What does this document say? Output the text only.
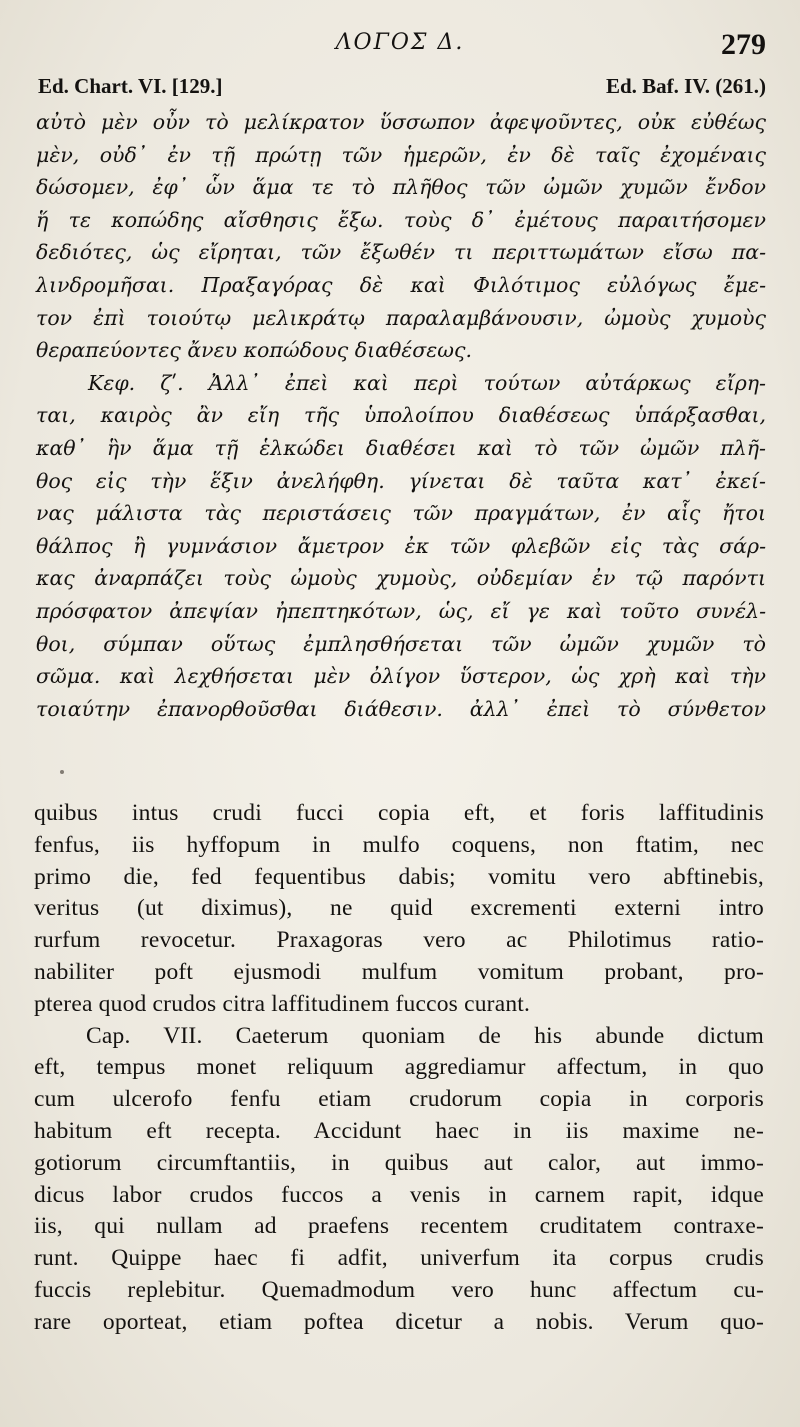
ΛΟΓΟΣ Δ.	279
Ed. Chart. VI. [129.]	Ed. Baf. IV. (261.)
αὐτὸ μὲν οὖν τὸ μελίκρατον ὕσσωπον ἀφεψοῦντες, οὐκ εὐθέως
μὲν, οὐδ᾽ ἐν τῇ πρώτῃ τῶν ἡμερῶν, ἐν δὲ ταῖς ἐχομέναις
δώσομεν, ἐφ᾽ ὧν ἅμα τε τὸ πλῆθος τῶν ὠμῶν χυμῶν ἔνδον
ἥ τε κοπώδης αἴσθησις ἔξω. τοὺς δ᾽ ἐμέτους παραιτήσομεν
δεδιότες, ὡς εἴρηται, τῶν ἔξωθέν τι περιττωμάτων εἴσω πα-
λινδρομῆσαι. Πραξαγόρας δὲ καὶ Φιλότιμος εὐλόγως ἔμε-
τον ἐπὶ τοιούτῳ μελικράτῳ παραλαμβάνουσιν, ὠμοὺς χυμοὺς
θεραπεύοντες ἄνευ κοπώδους διαθέσεως.
Κεφ. ζʹ. Ἀλλ᾽ ἐπεὶ καὶ περὶ τούτων αὐτάρκως εἴρη-
ται, καιρὸς ἂν εἴη τῆς ὑπολοίπου διαθέσεως ὑπάρξασθαι,
καθ᾽ ἣν ἅμα τῇ ἑλκώδει διαθέσει καὶ τὸ τῶν ὠμῶν πλῆ-
θος εἰς τὴν ἕξιν ἀνελήφθη. γίνεται δὲ ταῦτα κατ᾽ ἐκεί-
νας μάλιστα τὰς περιστάσεις τῶν πραγμάτων, ἐν αἷς ἤτοι
θάλπος ἢ γυμνάσιον ἄμετρον ἐκ τῶν φλεβῶν εἰς τὰς σάρ-
κας ἀναρπάζει τοὺς ὠμοὺς χυμοὺς, οὐδεμίαν ἐν τῷ παρόντι
πρόσφατον ἀπεψίαν ἠπεπτηκότων, ὡς, εἴ γε καὶ τοῦτο συνέλ-
θοι, σύμπαν οὕτως ἐμπλησθήσεται τῶν ὠμῶν χυμῶν τὸ
σῶμα. καὶ λεχθήσεται μὲν ὀλίγον ὕστερον, ὡς χρὴ καὶ τὴν
τοιαύτην ἐπανορθοῦσθαι διάθεσιν. ἀλλ᾽ ἐπεὶ τὸ σύνθετον
quibus intus crudi fucci copia eft, et foris laffitudinis
fenfus, iis hyffopum in mulfo coquens, non ftatim, nec
primo die, fed fequentibus dabis; vomitu vero abftinebis,
veritus (ut diximus), ne quid excrementi externi intro
rurfum revocetur. Praxagoras vero ac Philotimus ratio-
nabiliter poft ejusmodi mulfum vomitum probant, pro-
pterea quod crudos citra laffitudinem fuccos curant.
Cap. VII. Caeterum quoniam de his abunde dictum
eft, tempus monet reliquum aggrediamur affectum, in quo
cum ulcerofo fenfu etiam crudorum copia in corporis
habitum eft recepta. Accidunt haec in iis maxime ne-
gotiorum circumftantiis, in quibus aut calor, aut immo-
dicus labor crudos fuccos a venis in carnem rapit, idque
iis, qui nullam ad praefens recentem cruditatem contraxe-
runt. Quippe haec fi adfit, univerfum ita corpus crudis
fuccis replebitur. Quemadmodum vero hunc affectum cu-
rare oporteat, etiam poftea dicetur a nobis. Verum quo-
